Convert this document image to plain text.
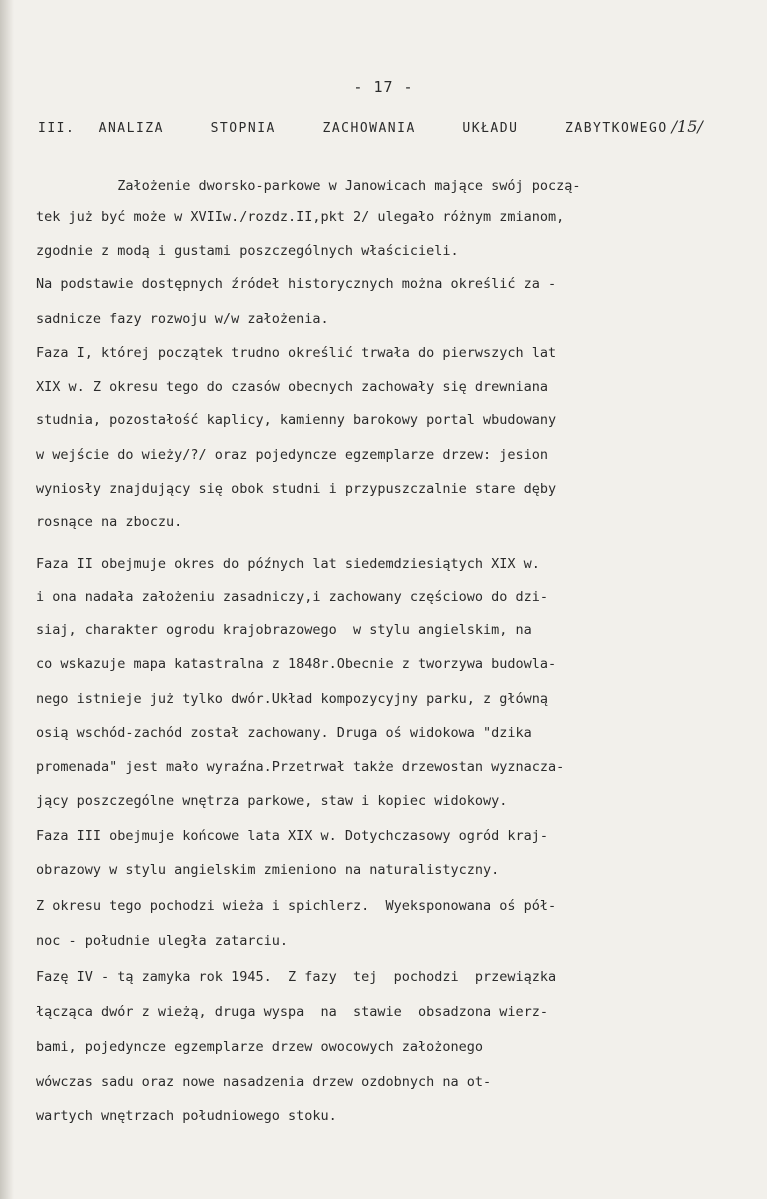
- 17 -
III. ANALIZA  STOPNIA  ZACHOWANIA  UKŁADU  ZABYTKOWEGO /15/
Założenie dworsko-parkowe w Janowicach mające swój począ-
tek już być może w XVIIw./rozdz.II,pkt 2/ ulegało różnym zmianom,
zgodnie z modą i gustami poszczególnych właścicieli.
Na podstawie dostępnych źródeł historycznych można określić za -
sadnicze fazy rozwoju w/w założenia.
Faza I, której początek trudno określić trwała do pierwszych lat
XIX w. Z okresu tego do czasów obecnych zachowały się drewniana
studnia, pozostałość kaplicy, kamienny barokowy portal wbudowany
w wejście do wieży/?/ oraz pojedyncze egzemplarze drzew: jesion
wyniosły znajdujący się obok studni i przypuszczalnie stare dęby
rosnące na zboczu.
Faza II obejmuje okres do późnych lat siedemdziesiątych XIX w.
i ona nadała założeniu zasadniczy,i zachowany częściowo do dzi-
siaj, charakter ogrodu krajobrazowego  w stylu angielskim, na
co wskazuje mapa katastralna z 1848r.Obecnie z tworzywa budowla-
nego istnieje już tylko dwór.Układ kompozycyjny parku, z główną
osią wschód-zachód został zachowany. Druga oś widokowa "dzika
promenada" jest mało wyraźna.Przetrwał także drzewostan wyznacza-
jący poszczególne wnętrza parkowe, staw i kopiec widokowy.
Faza III obejmuje końcowe lata XIX w. Dotychczasowy ogród kraj-
obrazowy w stylu angielskim zmieniono na naturalistyczny.
Z okresu tego pochodzi wieża i spichlerz.  Wyeksponowana oś pół-
noc - południe uległa zatarciu.
Fazę IV - tą zamyka rok 1945.  Z fazy  tej  pochodzi  przewiązka
łącząca dwór z wieżą, druga wyspa  na  stawie  obsadzona wierz-
bami, pojedyncze egzemplarze drzew owocowych założonego
wówczas sadu oraz nowe nasadzenia drzew ozdobnych na ot-
wartych wnętrzach południowego stoku.
